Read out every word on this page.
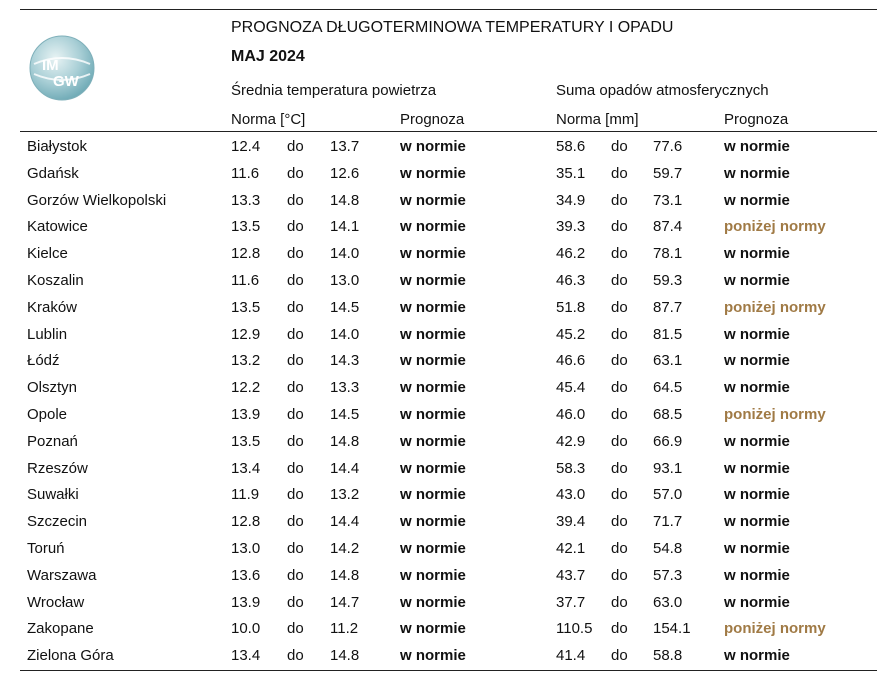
IM
GW
PROGNOZA DŁUGOTERMINOWA TEMPERATURY I OPADU
MAJ 2024
Średnia temperatura powietrza	Suma opadów atmosferycznych
Norma [°C]	Prognoza	Norma [mm]	Prognoza
Białystok	12.4 do 13.7	w normie	58.6 do 77.6	w normie
Gdańsk	11.6 do 12.6	w normie	35.1 do 59.7	w normie
Gorzów Wielkopolski	13.3 do 14.8	w normie	34.9 do 73.1	w normie
Katowice	13.5 do 14.1	w normie	39.3 do 87.4	poniżej normy
Kielce	12.8 do 14.0	w normie	46.2 do 78.1	w normie
Koszalin	11.6 do 13.0	w normie	46.3 do 59.3	w normie
Kraków	13.5 do 14.5	w normie	51.8 do 87.7	poniżej normy
Lublin	12.9 do 14.0	w normie	45.2 do 81.5	w normie
Łódź	13.2 do 14.3	w normie	46.6 do 63.1	w normie
Olsztyn	12.2 do 13.3	w normie	45.4 do 64.5	w normie
Opole	13.9 do 14.5	w normie	46.0 do 68.5	poniżej normy
Poznań	13.5 do 14.8	w normie	42.9 do 66.9	w normie
Rzeszów	13.4 do 14.4	w normie	58.3 do 93.1	w normie
Suwałki	11.9 do 13.2	w normie	43.0 do 57.0	w normie
Szczecin	12.8 do 14.4	w normie	39.4 do 71.7	w normie
Toruń	13.0 do 14.2	w normie	42.1 do 54.8	w normie
Warszawa	13.6 do 14.8	w normie	43.7 do 57.3	w normie
Wrocław	13.9 do 14.7	w normie	37.7 do 63.0	w normie
Zakopane	10.0 do 11.2	w normie	110.5 do 154.1 poniżej normy
Zielona Góra	13.4 do 14.8	w normie	41.4 do 58.8	w normie
